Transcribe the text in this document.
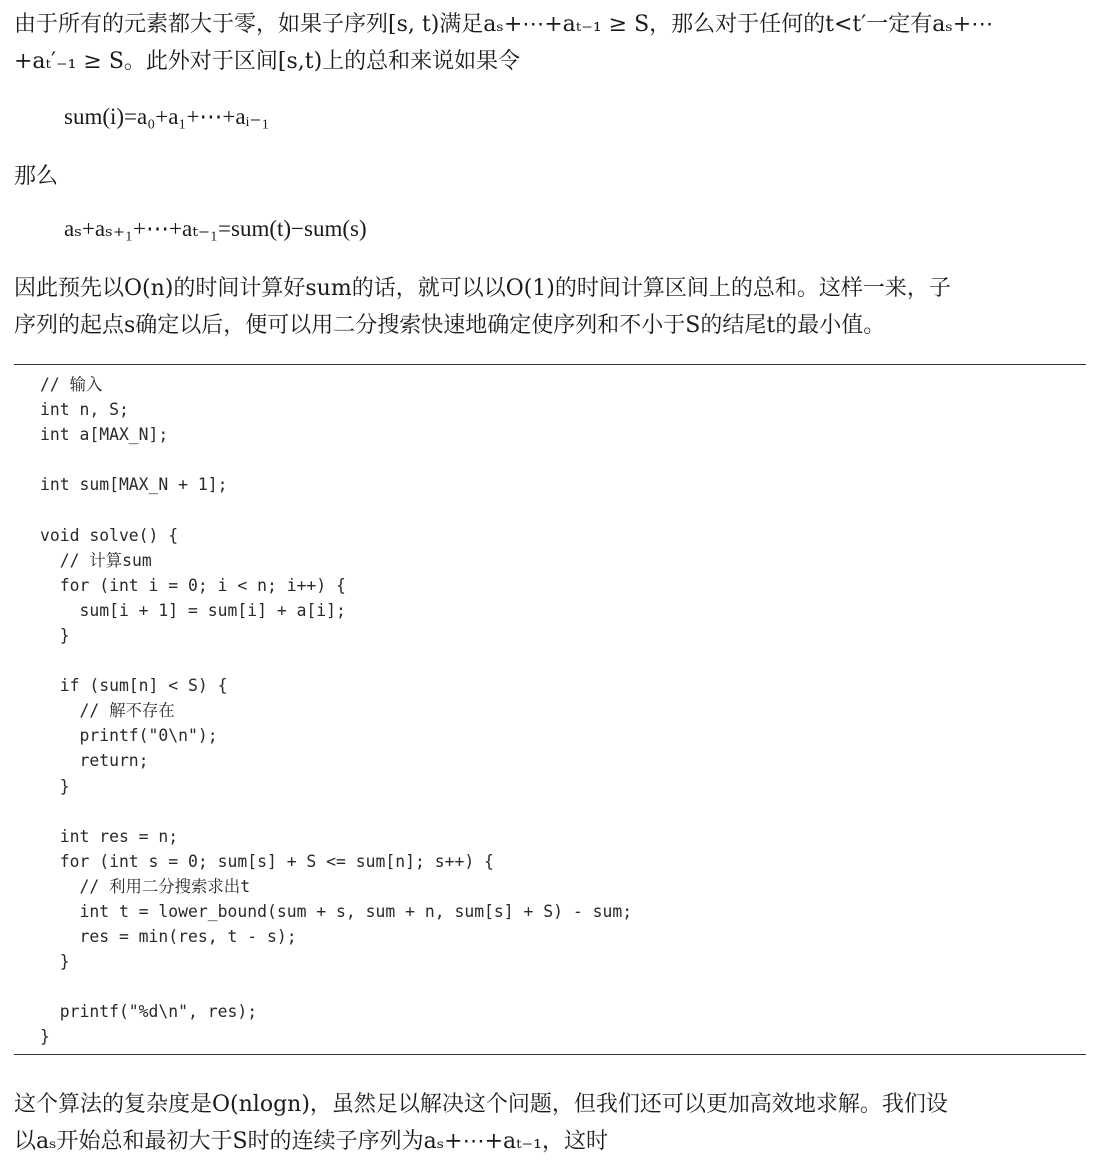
由于所有的元素都大于零，如果子序列[s, t)满足aₛ+⋯+aₜ₋₁ ≥ S，那么对于任何的t<t′一定有aₛ+⋯
+aₜ′₋₁ ≥ S。此外对于区间[s,t)上的总和来说如果令

sum(i)=a₀+a₁+⋯+aᵢ₋₁

那么

aₛ+aₛ₊₁+⋯+aₜ₋₁=sum(t)−sum(s)

因此预先以O(n)的时间计算好sum的话，就可以以O(1)的时间计算区间上的总和。这样一来，子
序列的起点s确定以后，便可以用二分搜索快速地确定使序列和不小于S的结尾t的最小值。

// 输入
int n, S;
int a[MAX_N];
int sum[MAX_N + 1];
void solve() {
// 计算sum
for (int i = 0; i < n; i++) {
sum[i + 1] = sum[i] + a[i];
}
if (sum[n] < S) {
// 解不存在
printf("0\n");
return;
}
int res = n;
for (int s = 0; sum[s] + S <= sum[n]; s++) {
// 利用二分搜索求出t
int t = lower_bound(sum + s, sum + n, sum[s] + S) - sum;
res = min(res, t - s);
}
printf("%d\n", res);
}

这个算法的复杂度是O(nlogn)，虽然足以解决这个问题，但我们还可以更加高效地求解。我们设
以aₛ开始总和最初大于S时的连续子序列为aₛ+⋯+aₜ₋₁，这时
